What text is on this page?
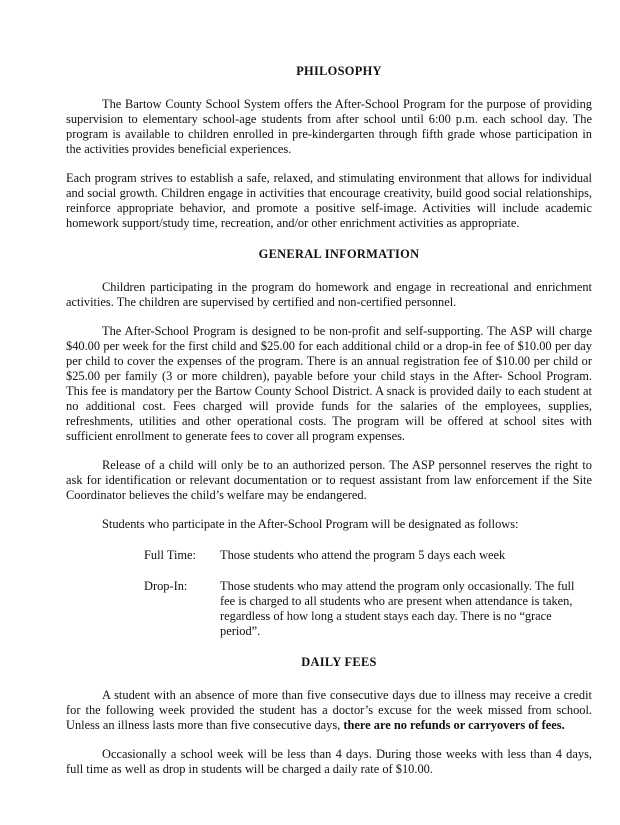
PHILOSOPHY

The Bartow County School System offers the After-School Program for the purpose of providing supervision to elementary school-age students from after school until 6:00 p.m. each school day. The program is available to children enrolled in pre-kindergarten through fifth grade whose participation in the activities provides beneficial experiences.

Each program strives to establish a safe, relaxed, and stimulating environment that allows for individual and social growth. Children engage in activities that encourage creativity, build good social relationships, reinforce appropriate behavior, and promote a positive self-image. Activities will include academic homework support/study time, recreation, and/or other enrichment activities as appropriate.

GENERAL INFORMATION

Children participating in the program do homework and engage in recreational and enrichment activities. The children are supervised by certified and non-certified personnel.

The After-School Program is designed to be non-profit and self-supporting. The ASP will charge $40.00 per week for the first child and $25.00 for each additional child or a drop-in fee of $10.00 per day per child to cover the expenses of the program. There is an annual registration fee of $10.00 per child or $25.00 per family (3 or more children), payable before your child stays in the After- School Program. This fee is mandatory per the Bartow County School District. A snack is provided daily to each student at no additional cost. Fees charged will provide funds for the salaries of the employees, supplies, refreshments, utilities and other operational costs. The program will be offered at school sites with sufficient enrollment to generate fees to cover all program expenses.

Release of a child will only be to an authorized person. The ASP personnel reserves the right to ask for identification or relevant documentation or to request assistant from law enforcement if the Site Coordinator believes the child’s welfare may be endangered.

Students who participate in the After-School Program will be designated as follows:

Full Time:	Those students who attend the program 5 days each week
Drop-In:	Those students who may attend the program only occasionally. The full fee is charged to all students who are present when attendance is taken, regardless of how long a student stays each day. There is no “grace period”.
DAILY FEES

A student with an absence of more than five consecutive days due to illness may receive a credit for the following week provided the student has a doctor’s excuse for the week missed from school. Unless an illness lasts more than five consecutive days, there are no refunds or carryovers of fees.

Occasionally a school week will be less than 4 days. During those weeks with less than 4 days, full time as well as drop in students will be charged a daily rate of $10.00.
